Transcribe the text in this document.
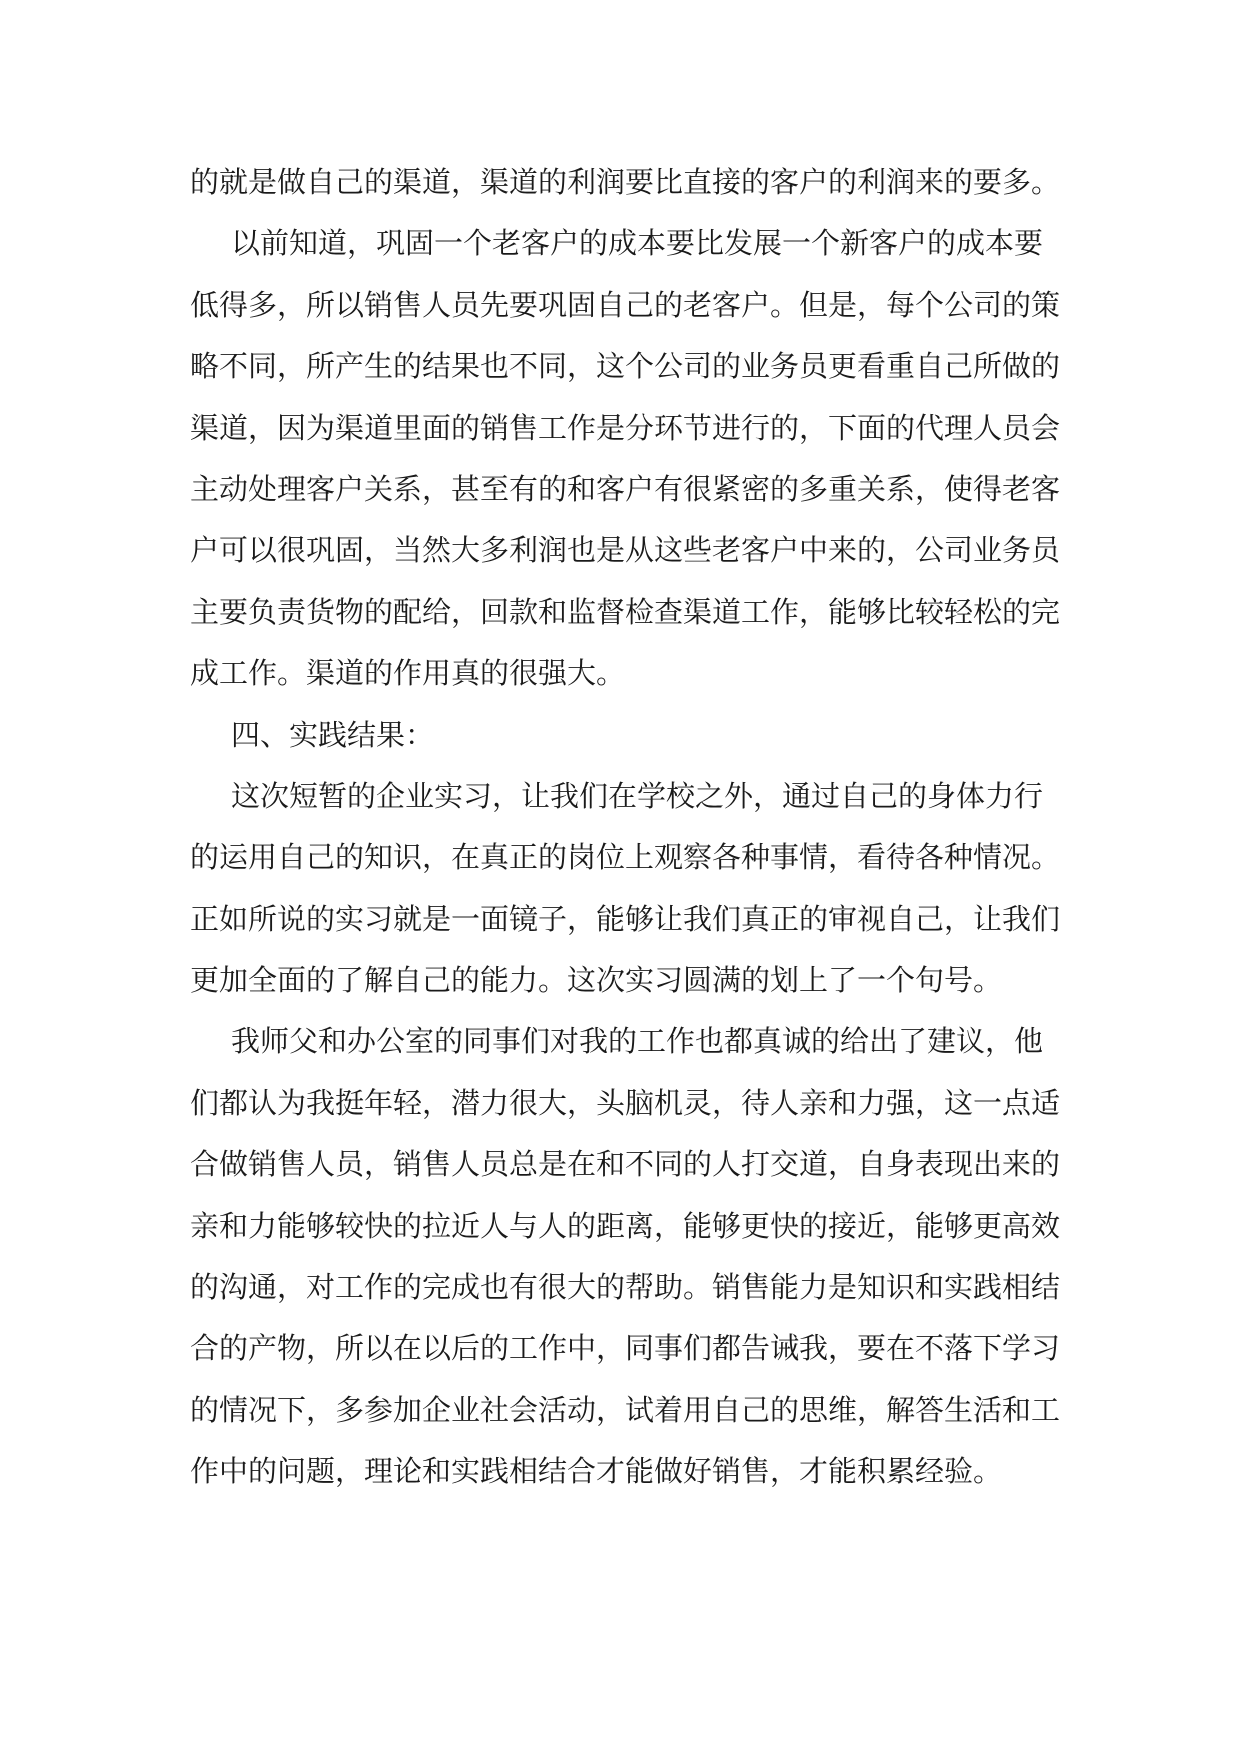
的就是做自己的渠道，渠道的利润要比直接的客户的利润来的要多。
以前知道，巩固一个老客户的成本要比发展一个新客户的成本要
低得多，所以销售人员先要巩固自己的老客户。但是，每个公司的策
略不同，所产生的结果也不同，这个公司的业务员更看重自己所做的
渠道，因为渠道里面的销售工作是分环节进行的，下面的代理人员会
主动处理客户关系，甚至有的和客户有很紧密的多重关系，使得老客
户可以很巩固，当然大多利润也是从这些老客户中来的，公司业务员
主要负责货物的配给，回款和监督检查渠道工作，能够比较轻松的完
成工作。渠道的作用真的很强大。
四、实践结果：
这次短暂的企业实习，让我们在学校之外，通过自己的身体力行
的运用自己的知识，在真正的岗位上观察各种事情，看待各种情况。
正如所说的实习就是一面镜子，能够让我们真正的审视自己，让我们
更加全面的了解自己的能力。这次实习圆满的划上了一个句号。
我师父和办公室的同事们对我的工作也都真诚的给出了建议，他
们都认为我挺年轻，潜力很大，头脑机灵，待人亲和力强，这一点适
合做销售人员，销售人员总是在和不同的人打交道，自身表现出来的
亲和力能够较快的拉近人与人的距离，能够更快的接近，能够更高效
的沟通，对工作的完成也有很大的帮助。销售能力是知识和实践相结
合的产物，所以在以后的工作中，同事们都告诫我，要在不落下学习
的情况下，多参加企业社会活动，试着用自己的思维，解答生活和工
作中的问题，理论和实践相结合才能做好销售，才能积累经验。
